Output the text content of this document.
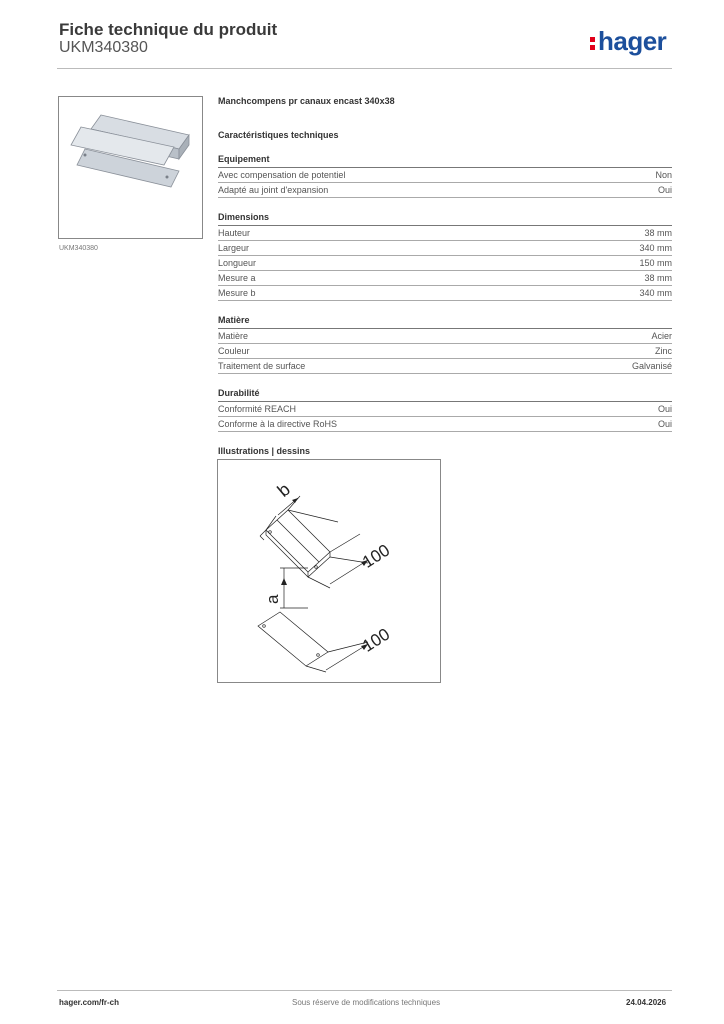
Fiche technique du produit
UKM340380	hager
UKM340380
Manchcompens pr canaux encast 340x38
Caractéristiques techniques
Equipement
Avec compensation de potentiel	Non
Adapté au joint d'expansion	Oui
Dimensions
Hauteur	38 mm
Largeur	340 mm
Longueur	150 mm
Mesure a	38 mm
Mesure b	340 mm
Matière
Matière	Acier
Couleur	Zinc
Traitement de surface	Galvanisé
Durabilité
Conformité REACH	Oui
Conforme à la directive RoHS	Oui
Illustrations | dessins
b
100
a
100
hager.com/fr-ch	Sous réserve de modifications techniques	24.04.2026
